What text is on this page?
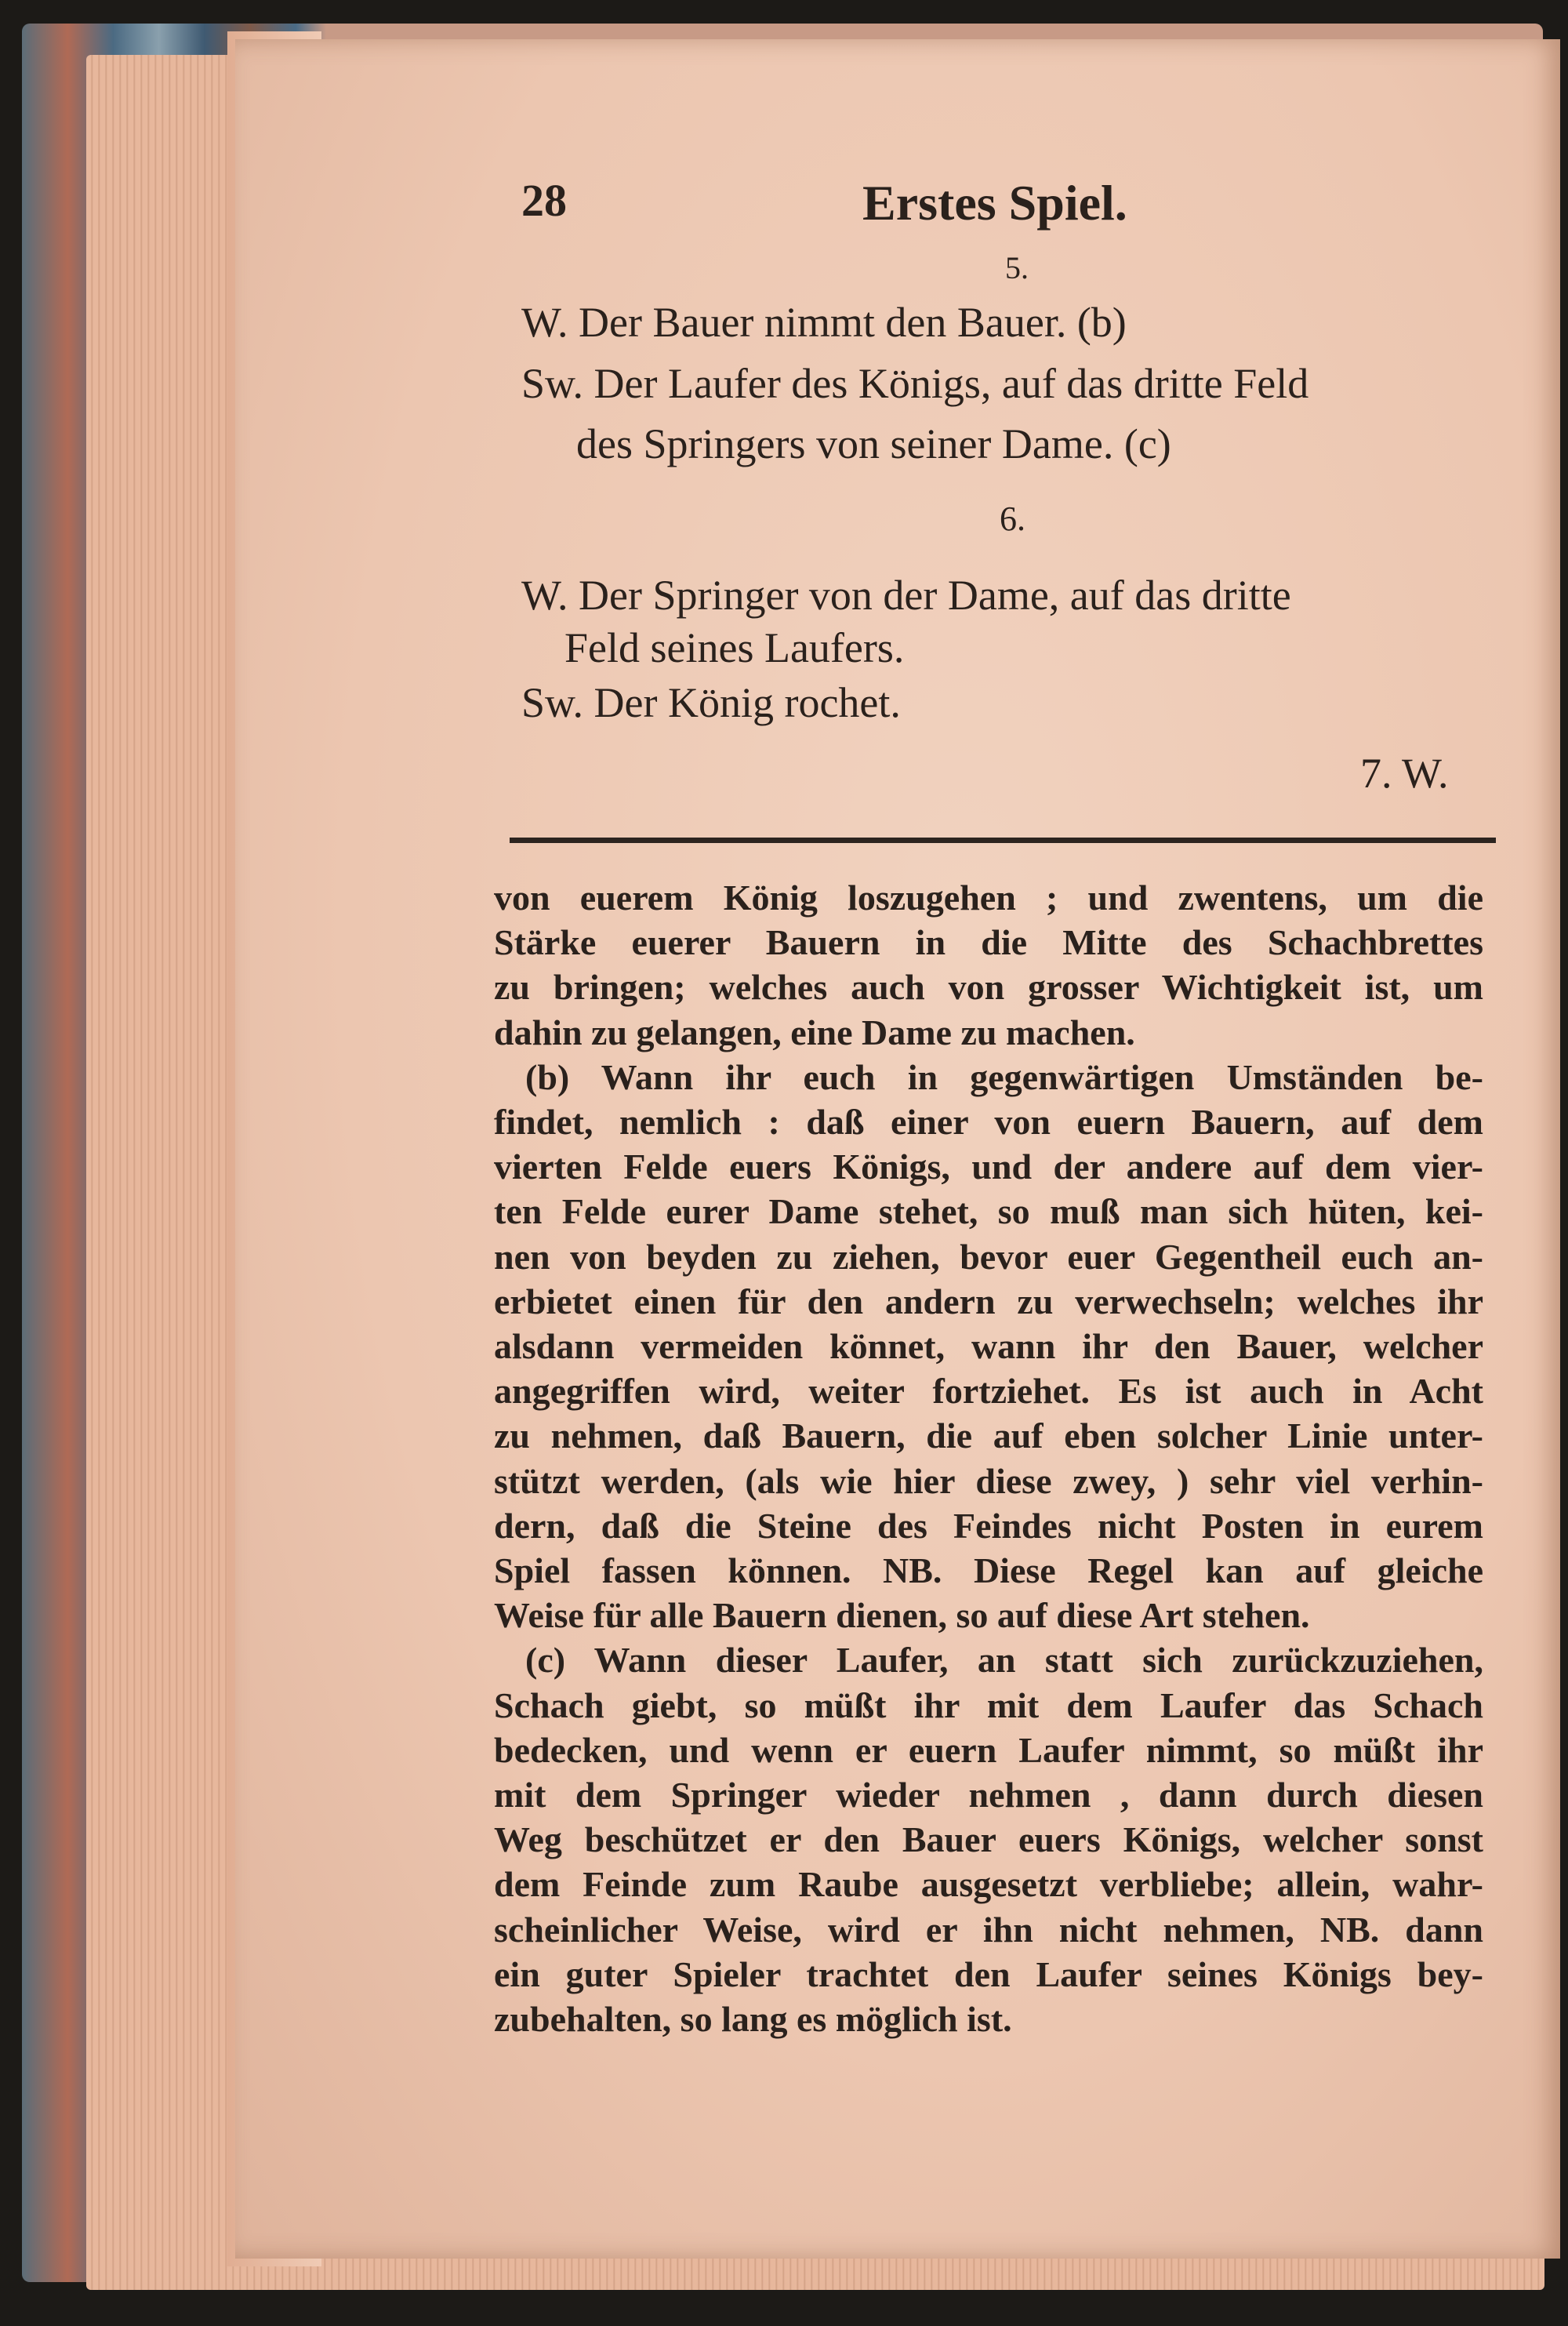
28	Erstes Spiel.
5.
W. Der Bauer nimmt den Bauer. (b)
Sw. Der Laufer des Königs, auf das dritte Feld
des Springers von seiner Dame. (c)
6.
W. Der Springer von der Dame, auf das dritte
Feld seines Laufers.
Sw. Der König rochet.
7. W.
von euerem König loszugehen ; und zwentens, um die
Stärke euerer Bauern in die Mitte des Schachbrettes
zu bringen; welches auch von grosser Wichtigkeit ist, um
dahin zu gelangen, eine Dame zu machen.
(b) Wann ihr euch in gegenwärtigen Umständen be-
findet, nemlich : daß einer von euern Bauern, auf dem
vierten Felde euers Königs, und der andere auf dem vier-
ten Felde eurer Dame stehet, so muß man sich hüten, kei-
nen von beyden zu ziehen, bevor euer Gegentheil euch an-
erbietet einen für den andern zu verwechseln; welches ihr
alsdann vermeiden könnet, wann ihr den Bauer, welcher
angegriffen wird, weiter fortziehet. Es ist auch in Acht
zu nehmen, daß Bauern, die auf eben solcher Linie unter-
stützt werden, (als wie hier diese zwey, ) sehr viel verhin-
dern, daß die Steine des Feindes nicht Posten in eurem
Spiel fassen können. NB. Diese Regel kan auf gleiche
Weise für alle Bauern dienen, so auf diese Art stehen.
(c) Wann dieser Laufer, an statt sich zurückzuziehen,
Schach giebt, so müßt ihr mit dem Laufer das Schach
bedecken, und wenn er euern Laufer nimmt, so müßt ihr
mit dem Springer wieder nehmen , dann durch diesen
Weg beschützet er den Bauer euers Königs, welcher sonst
dem Feinde zum Raube ausgesetzt verbliebe; allein, wahr-
scheinlicher Weise, wird er ihn nicht nehmen, NB. dann
ein guter Spieler trachtet den Laufer seines Königs bey-
zubehalten, so lang es möglich ist.
